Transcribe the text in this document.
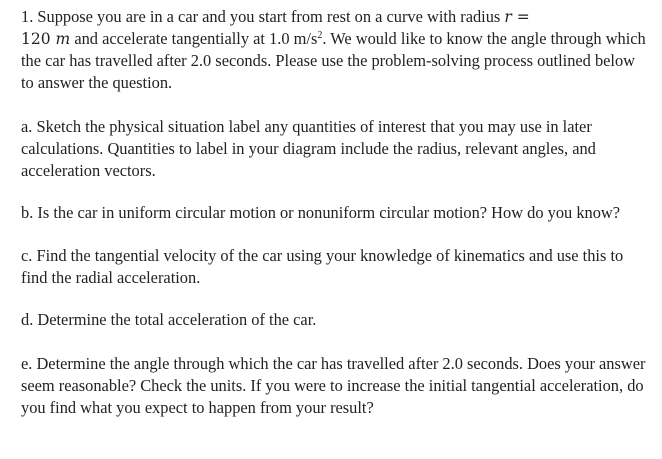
1. Suppose you are in a car and you start from rest on a curve with radius r =
120 m and accelerate tangentially at 1.0 $m/s^2$. We would like to know the angle through which the car has travelled after 2.0 seconds. Please use the problem-solving process outlined below to answer the question.

a. Sketch the physical situation label any quantities of interest that you may use in later calculations. Quantities to label in your diagram include the radius, relevant angles, and acceleration vectors.

b. Is the car in uniform circular motion or nonuniform circular motion? How do you know?

c. Find the tangential velocity of the car using your knowledge of kinematics and use this to find the radial acceleration.

d. Determine the total acceleration of the car.

e. Determine the angle through which the car has travelled after 2.0 seconds. Does your answer seem reasonable? Check the units. If you were to increase the initial tangential acceleration, do you find what you expect to happen from your result?
